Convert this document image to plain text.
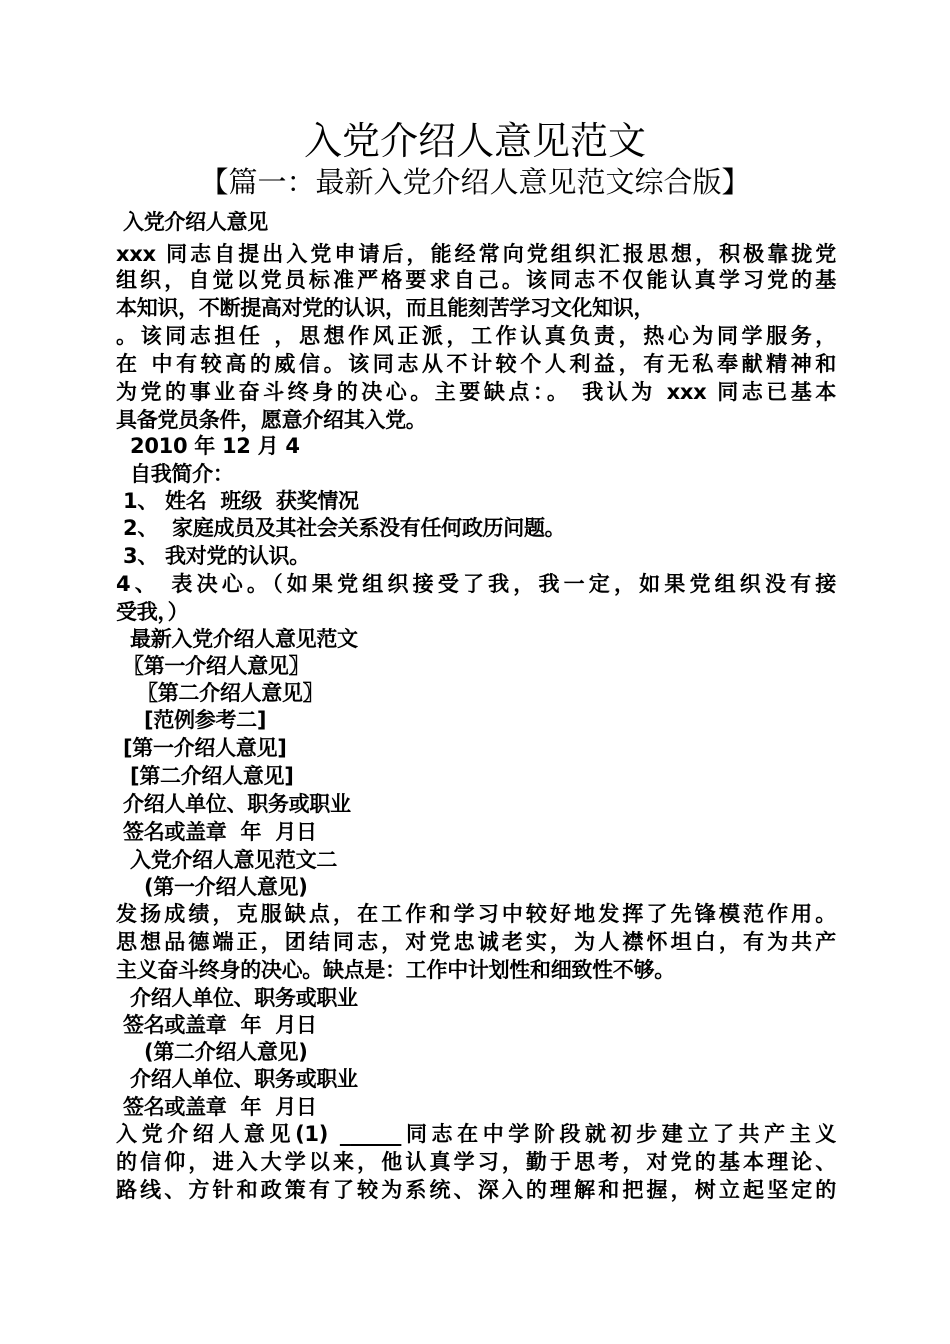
入党介绍人意见范文
【篇一：最新入党介绍人意见范文综合版】
入党介绍人意见
xxx 同志自提出入党申请后，能经常向党组织汇报思想，积极靠拢党
组织，自觉以党员标准严格要求自己。该同志不仅能认真学习党的基
本知识，不断提高对党的认识，而且能刻苦学习文化知识，
。该同志担任 ，思想作风正派，工作认真负责，热心为同学服务，
在 中有较高的威信。该同志从不计较个人利益，有无私奉献精神和
为党的事业奋斗终身的决心。主要缺点：。 我认为 xxx 同志已基本
具备党员条件，愿意介绍其入党。
2010 年 12 月 4
自我简介：
1、 姓名  班级  获奖情况
2、  家庭成员及其社会关系没有任何政历问题。
3、 我对党的认识。
4、 表决心。（如果党组织接受了我，我一定，如果党组织没有接
受我，）
最新入党介绍人意见范文
〖第一介绍人意见〗
〖第二介绍人意见〗
[范例参考二]
[第一介绍人意见]
[第二介绍人意见]
介绍人单位、职务或职业
签名或盖章  年  月日
入党介绍人意见范文二
(第一介绍人意见)
发扬成绩，克服缺点，在工作和学习中较好地发挥了先锋模范作用。
思想品德端正，团结同志，对党忠诚老实，为人襟怀坦白，有为共产
主义奋斗终身的决心。缺点是：工作中计划性和细致性不够。
介绍人单位、职务或职业
签名或盖章  年  月日
(第二介绍人意见)
介绍人单位、职务或职业
签名或盖章  年  月日
入党介绍人意见(1) ______同志在中学阶段就初步建立了共产主义
的信仰，进入大学以来，他认真学习，勤于思考，对党的基本理论、
路线、方针和政策有了较为系统、深入的理解和把握，树立起坚定的
